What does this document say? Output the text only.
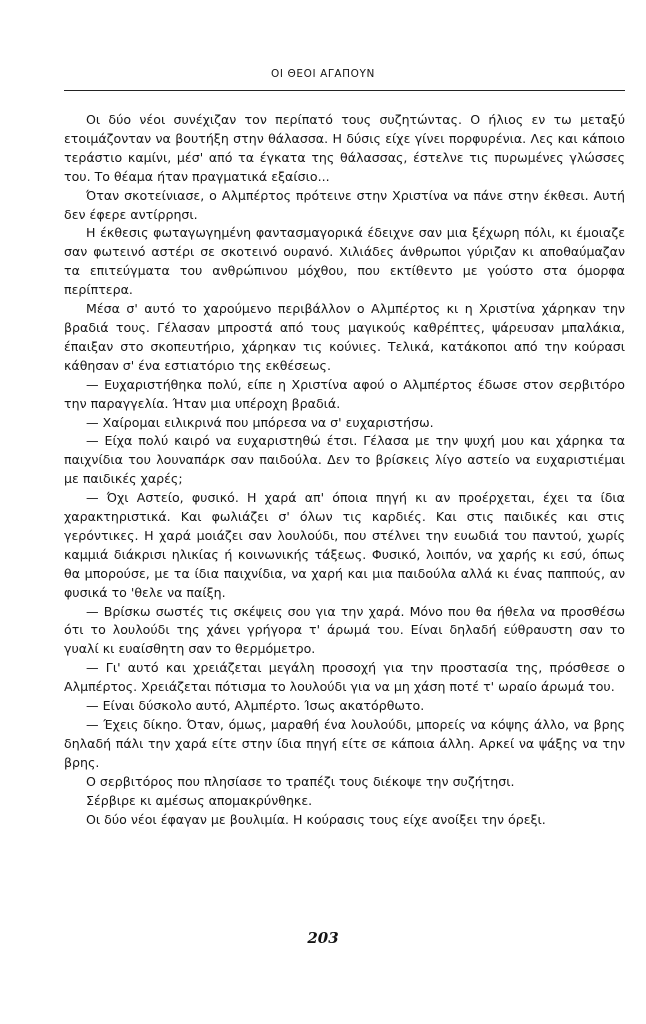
ΟΙ ΘΕΟΙ ΑΓΑΠΟΥΝ

Οι δύο νέοι συνέχιζαν τον περίπατό τους συζητώντας. Ο ήλιος εν τω μεταξύ ετοιμάζονταν να βουτήξη στην θάλασσα. Η δύσις είχε γίνει πορφυρένια. Λες και κάποιο τεράστιο καμίνι, μέσ' από τα έγκατα της θάλασσας, έστελνε τις πυρωμένες γλώσσες του. Το θέαμα ήταν πραγματικά εξαίσιο...

Όταν σκοτείνιασε, ο Αλμπέρτος πρότεινε στην Χριστίνα να πάνε στην έκθεσι. Αυτή δεν έφερε αντίρρησι.

Η έκθεσις φωταγωγημένη φαντασμαγορικά έδειχνε σαν μια ξέχωρη πόλι, κι έμοιαζε σαν φωτεινό αστέρι σε σκοτεινό ουρανό. Χιλιάδες άνθρωποι γύριζαν κι αποθαύμαζαν τα επιτεύγματα του ανθρώπινου μόχθου, που εκτίθεντο με γούστο στα όμορφα περίπτερα.

Μέσα σ' αυτό το χαρούμενο περιβάλλον ο Αλμπέρτος κι η Χριστίνα χάρηκαν την βραδιά τους. Γέλασαν μπροστά από τους μαγικούς καθρέπτες, ψάρευσαν μπαλάκια, έπαιξαν στο σκοπευτήριο, χάρηκαν τις κούνιες. Τελικά, κατάκοποι από την κούρασι κάθησαν σ' ένα εστιατόριο της εκθέσεως.

— Ευχαριστήθηκα πολύ, είπε η Χριστίνα αφού ο Αλμπέρτος έδωσε στον σερβιτόρο την παραγγελία. Ήταν μια υπέροχη βραδιά.

— Χαίρομαι ειλικρινά που μπόρεσα να σ' ευχαριστήσω.

— Είχα πολύ καιρό να ευχαριστηθώ έτσι. Γέλασα με την ψυχή μου και χάρηκα τα παιχνίδια του λουναπάρκ σαν παιδούλα. Δεν το βρίσκεις λίγο αστείο να ευχαριστιέμαι με παιδικές χαρές;

— Όχι Αστείο, φυσικό. Η χαρά απ' όποια πηγή κι αν προέρχεται, έχει τα ίδια χαρακτηριστικά. Και φωλιάζει σ' όλων τις καρδιές. Και στις παιδικές και στις γερόντικες. Η χαρά μοιάζει σαν λουλούδι, που στέλνει την ευωδιά του παντού, χωρίς καμμιά διάκρισι ηλικίας ή κοινωνικής τάξεως. Φυσικό, λοιπόν, να χαρής κι εσύ, όπως θα μπορούσε, με τα ίδια παιχνίδια, να χαρή και μια παιδούλα αλλά κι ένας παππούς, αν φυσικά το 'θελε να παίξη.

— Βρίσκω σωστές τις σκέψεις σου για την χαρά. Μόνο που θα ήθελα να προσθέσω ότι το λουλούδι της χάνει γρήγορα τ' άρωμά του. Είναι δηλαδή εύθραυστη σαν το γυαλί κι ευαίσθητη σαν το θερμόμετρο.

— Γι' αυτό και χρειάζεται μεγάλη προσοχή για την προστασία της, πρόσθεσε ο Αλμπέρτος. Χρειάζεται πότισμα το λουλούδι για να μη χάση ποτέ τ' ωραίο άρωμά του.

— Είναι δύσκολο αυτό, Αλμπέρτο. Ίσως ακατόρθωτο.

— Έχεις δίκηο. Όταν, όμως, μαραθή ένα λουλούδι, μπορείς να κόψης άλλο, να βρης δηλαδή πάλι την χαρά είτε στην ίδια πηγή είτε σε κάποια άλλη. Αρκεί να ψάξης να την βρης.

Ο σερβιτόρος που πλησίασε το τραπέζι τους διέκοψε την συζήτησι.

Σέρβιρε κι αμέσως απομακρύνθηκε.

Οι δύο νέοι έφαγαν με βουλιμία. Η κούρασις τους είχε ανοίξει την όρεξι.

203
